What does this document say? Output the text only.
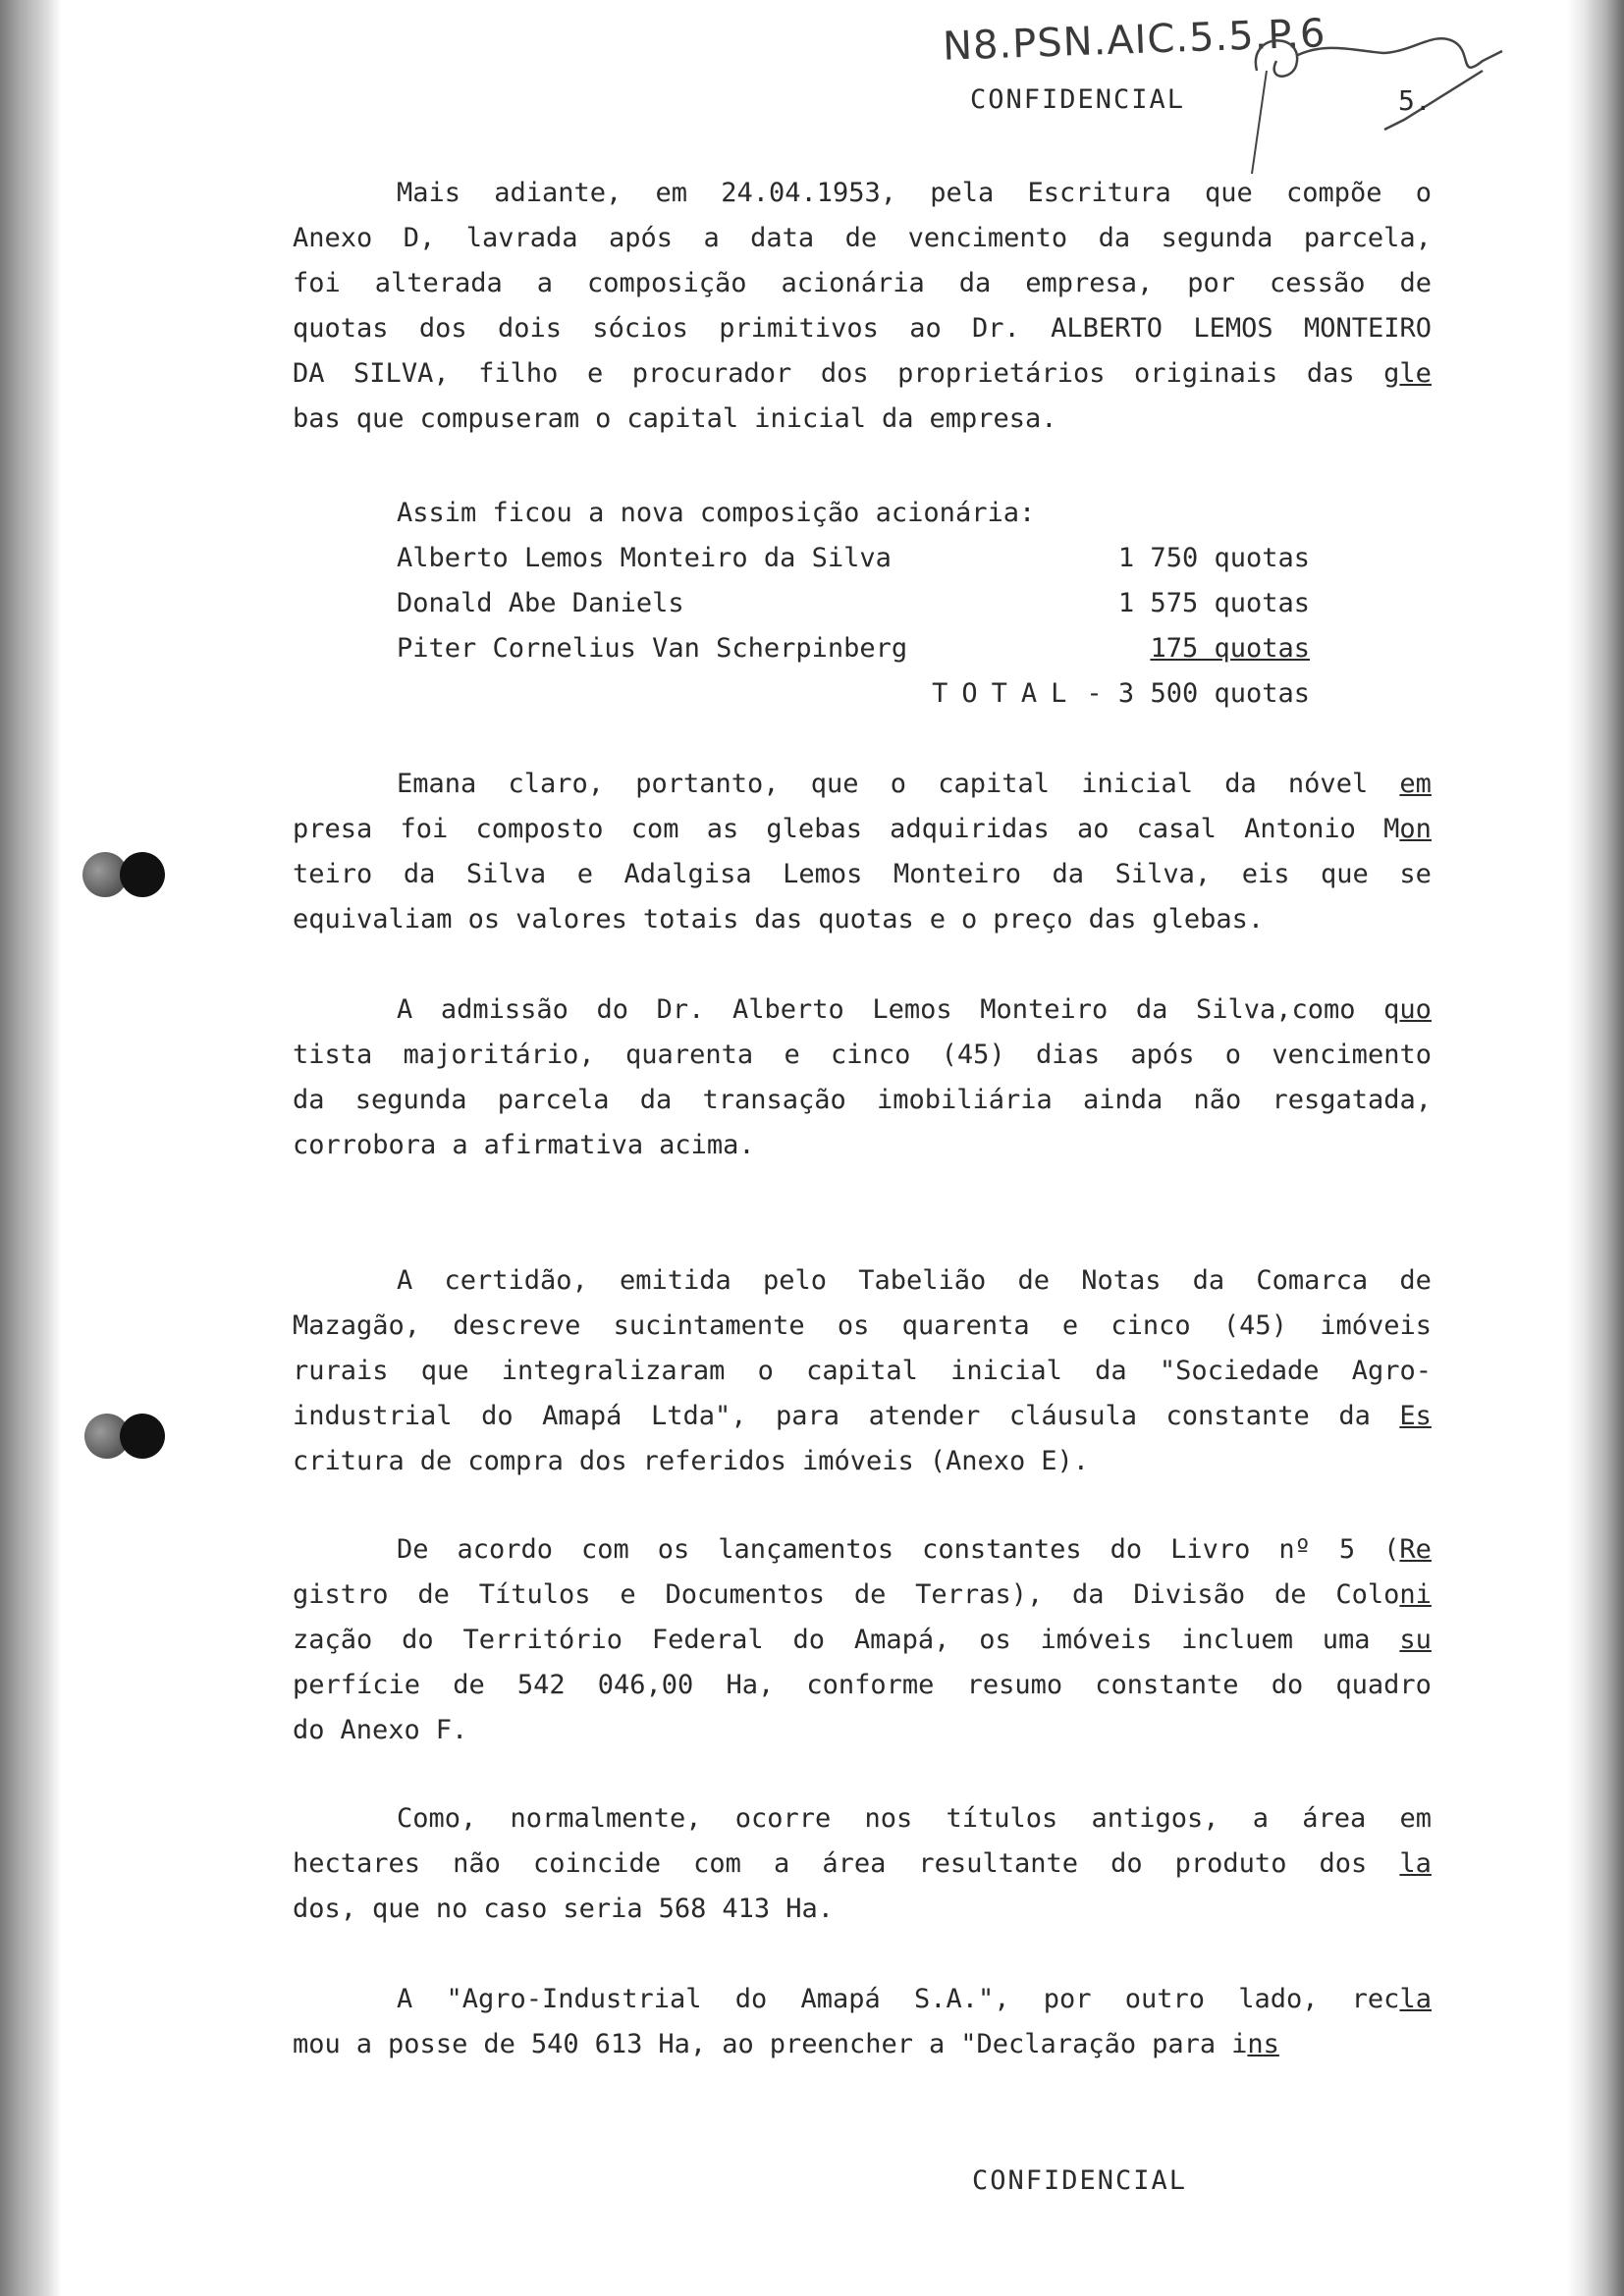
N8.PSN.AIC.5.5.P.6
CONFIDENCIAL	5.
Mais adiante, em 24.04.1953, pela Escritura que compõe o
Anexo D, lavrada após a data de vencimento da segunda parcela,
foi alterada a composição acionária da empresa, por cessão de
quotas dos dois sócios primitivos ao Dr. ALBERTO LEMOS MONTEIRO
DA SILVA, filho e procurador dos proprietários originais das gle
bas que compuseram o capital inicial da empresa.
Emana claro, portanto, que o capital inicial da nóvel em
presa foi composto com as glebas adquiridas ao casal Antonio Mon
teiro da Silva e Adalgisa Lemos Monteiro da Silva, eis que se
equivaliam os valores totais das quotas e o preço das glebas.
A admissão do Dr. Alberto Lemos Monteiro da Silva,como quo
tista majoritário, quarenta e cinco (45) dias após o vencimento
da segunda parcela da transação imobiliária ainda não resgatada,
corrobora a afirmativa acima.
A certidão, emitida pelo Tabelião de Notas da Comarca de
Mazagão, descreve sucintamente os quarenta e cinco (45) imóveis
rurais que integralizaram o capital inicial da "Sociedade Agro-
industrial do Amapá Ltda", para atender cláusula constante da Es
critura de compra dos referidos imóveis (Anexo E).
De acordo com os lançamentos constantes do Livro nº 5 (Re
gistro de Títulos e Documentos de Terras), da Divisão de Coloni
zação do Território Federal do Amapá, os imóveis incluem uma su
perfície de 542 046,00 Ha, conforme resumo constante do quadro
do Anexo F.
Como, normalmente, ocorre nos títulos antigos, a área em
hectares não coincide com a área resultante do produto dos la
dos, que no caso seria 568 413 Ha.
A "Agro-Industrial do Amapá S.A.", por outro lado, recla
mou a posse de 540 613 Ha, ao preencher a "Declaração para ins
Assim ficou a nova composição acionária:
Alberto Lemos Monteiro da Silva	1 750 quotas
Donald Abe Daniels	1 575 quotas
Piter Cornelius Van Scherpinberg	175 quotas
TOTAL - 3 500 quotas
CONFIDENCIAL
